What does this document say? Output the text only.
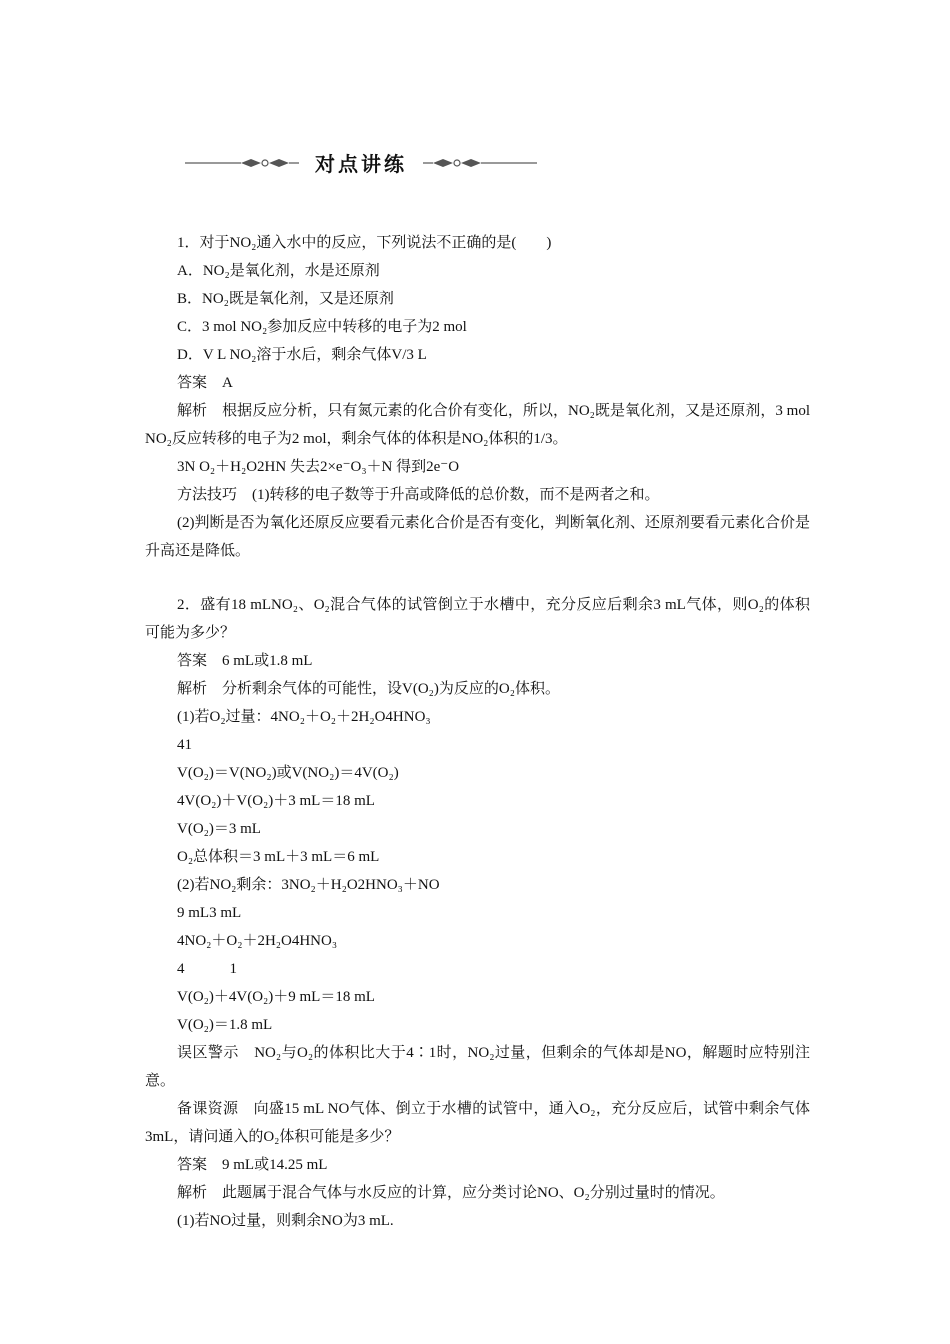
对点讲练

1．对于NO₂通入水中的反应，下列说法不正确的是(　　)

A．NO₂是氧化剂，水是还原剂

B．NO₂既是氧化剂，又是还原剂

C．3 mol NO₂参加反应中转移的电子为2 mol

D．V L NO₂溶于水后，剩余气体V/3 L

答案　A

解析　根据反应分析，只有氮元素的化合价有变化，所以，NO₂既是氧化剂，又是还原剂，3 mol NO₂反应转移的电子为2 mol，剩余气体的体积是NO₂体积的1/3。

3N O₂＋H₂O2HN 失去2×e⁻O₃＋N 得到2e⁻O

方法技巧　(1)转移的电子数等于升高或降低的总价数，而不是两者之和。

(2)判断是否为氧化还原反应要看元素化合价是否有变化，判断氧化剂、还原剂要看元素化合价是升高还是降低。

2．盛有18 mLNO₂、O₂混合气体的试管倒立于水槽中，充分反应后剩余3 mL气体，则O₂的体积可能为多少？

答案　6 mL或1.8 mL

解析　分析剩余气体的可能性，设V(O₂)为反应的O₂体积。

(1)若O₂过量：4NO₂＋O₂＋2H₂O4HNO₃

41

V(O₂)＝V(NO₂)或V(NO₂)＝4V(O₂)

4V(O₂)＋V(O₂)＋3 mL＝18 mL

V(O₂)＝3 mL

O₂总体积＝3 mL＋3 mL＝6 mL

(2)若NO₂剩余：3NO₂＋H₂O2HNO₃＋NO

9 mL3 mL

4NO₂＋O₂＋2H₂O4HNO₃

4　　　1

V(O₂)＋4V(O₂)＋9 mL＝18 mL

V(O₂)＝1.8 mL

误区警示　NO₂与O₂的体积比大于4∶1时，NO₂过量，但剩余的气体却是NO，解题时应特别注意。

备课资源　向盛15 mL NO气体、倒立于水槽的试管中，通入O₂，充分反应后，试管中剩余气体3mL，请问通入的O₂体积可能是多少？

答案　9 mL或14.25 mL

解析　此题属于混合气体与水反应的计算，应分类讨论NO、O₂分别过量时的情况。

(1)若NO过量，则剩余NO为3 mL.
